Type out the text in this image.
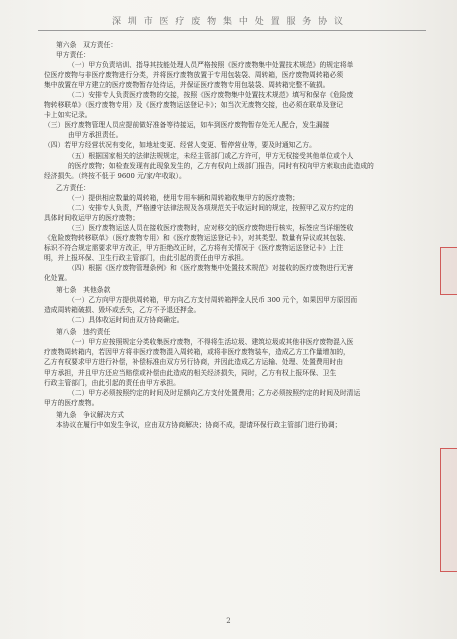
深 圳 市 医 疗 废 物 集 中 处 置 服 务 协 议

第六条　双方责任：

甲方责任：

（一）甲方负责培训、指导其技能处理人员严格按照《医疗废物集中处置技术规范》的规定将单

位医疗废物与非医疗废物进行分类，并将医疗废物放置于专用包装袋、周转箱，医疗废物周转箱必须

集中放置在甲方建立的医疗废物暂存处待运，并保证医疗废物专用包装袋、周转箱完整不破损。

（二）安排专人负责医疗废物的交接，按照《医疗废物集中处置技术规范》填写和保存《危险废

物转移联单》（医疗废物专用）及《医疗废物运送登记卡》；如当次无废物交接，也必须在联单及登记

卡上如实记录。

（三）医疗废物管理人员应提前做好准备等待接运，如车到医疗废物暂存处无人配合，发生漏接

由甲方承担责任。

（四）若甲方经营状况有变化，如地址变更、经营人变更、暂停营业等，要及时通知乙方。

（五）根据国家相关的法律法规规定，未经主管部门或乙方许可，甲方无权接受其他单位或个人

的医疗废物；如检查发现有此现象发生的，乙方有权向上级部门报告，同时有权向甲方索取由此造成的

经济损失。（终按不低于 9600 元/家/年收取）。

乙方责任：

（一）提供相应数量的周转箱，使用专用车辆和周转箱收集甲方的医疗废物；

（二）安排专人负责，严格遵守法律法规及各项规范关于收运时间的规定，按照甲乙双方约定的

具体时间收运甲方的医疗废物；

（三）医疗废物运送人员在接收医疗废物时，应对移交的医疗废物进行核实，标签应当详细签收

《危险废物转移联单》（医疗废物专用）和《医疗废物运送登记卡》，对其类型、数量有异议或其包装、

标识不符合规定需要求甲方改正，甲方拒绝改正时，乙方将有关情况于《医疗废物运送登记卡》上注

明，并上报环保、卫生行政主管部门，由此引起的责任由甲方承担。

（四）根据《医疗废物管理条例》和《医疗废物集中处置技术规范》对接收的医疗废物进行无害

化处置。

第七条　其他条款

（一）乙方向甲方提供周转箱，甲方向乙方支付周转箱押金人民币 300 元个，如果因甲方原因而

造成周转箱破损、毁坏或丢失，乙方不予退还押金。

（二）具体收运时间由双方协商确定。

第八条　违约责任

（一）甲方应按照规定分类收集医疗废物，不得将生活垃圾、建筑垃圾或其他非医疗废物混入医

疗废物周转箱内，若因甲方将非医疗废物混入周转箱，或将非医疗废物装车，造成乙方工作量增加的，

乙方有权要求甲方进行补偿，补偿标准由双方另行协商，并因此造成乙方运输、处理、处置费用时由

甲方承担，并且甲方还应当赔偿或补偿由此造成的相关经济损失，同时，乙方有权上报环保、卫生

行政主管部门，由此引起的责任由甲方承担。

（二）甲方必须按照约定的时间及时足额向乙方支付处置费用；乙方必须按照约定的时间及时清运

甲方的医疗废物。

第九条　争议解决方式

本协议在履行中如发生争议，应由双方协商解决；协商不成，提请环保行政主管部门进行协调；

2
